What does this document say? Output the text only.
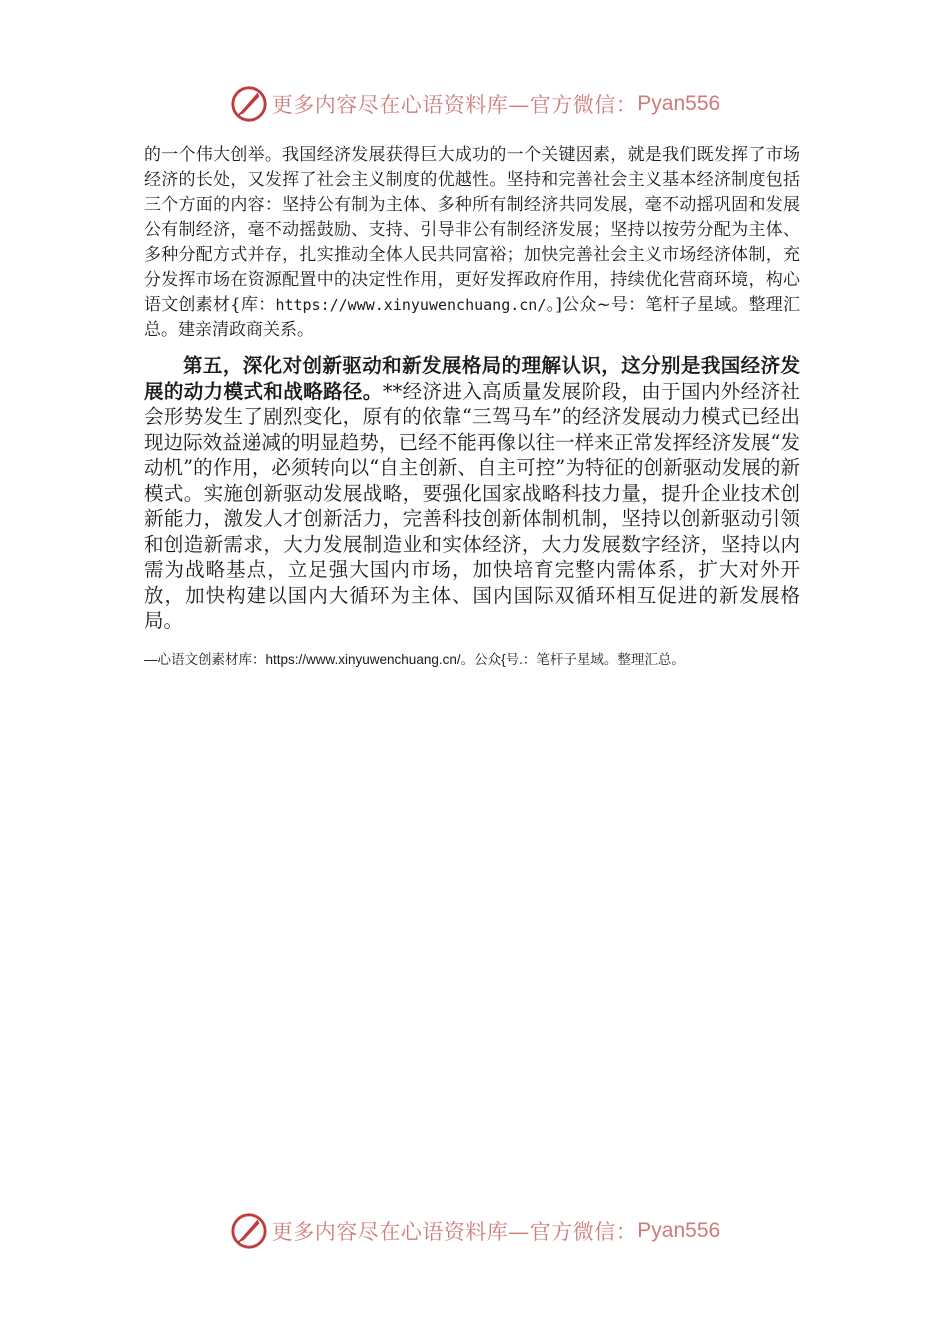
更多内容尽在心语资料库—官方微信： Pyan556

的一个伟大创举。我国经济发展获得巨大成功的一个关键因素，就是我们既发挥了市场经济的长处，又发挥了社会主义制度的优越性。坚持和完善社会主义基本经济制度包括三个方面的内容：坚持公有制为主体、多种所有制经济共同发展，毫不动摇巩固和发展公有制经济，毫不动摇鼓励、支持、引导非公有制经济发展；坚持以按劳分配为主体、多种分配方式并存，扎实推动全体人民共同富裕；加快完善社会主义市场经济体制，充分发挥市场在资源配置中的决定性作用，更好发挥政府作用，持续优化营商环境，构心语文创素材{库：https://www.xinyuwenchuang.cn/。]公众~号：笔杆子星域。整理汇总。建亲清政商关系。

第五，深化对创新驱动和新发展格局的理解认识，这分别是我国经济发展的动力模式和战略路径。**经济进入高质量发展阶段，由于国内外经济社会形势发生了剧烈变化，原有的依靠“三驾马车”的经济发展动力模式已经出现边际效益递减的明显趋势，已经不能再像以往一样来正常发挥经济发展“发动机”的作用，必须转向以“自主创新、自主可控”为特征的创新驱动发展的新模式。实施创新驱动发展战略，要强化国家战略科技力量，提升企业技术创新能力，激发人才创新活力，完善科技创新体制机制，坚持以创新驱动引领和创造新需求，大力发展制造业和实体经济，大力发展数字经济，坚持以内需为战略基点，立足强大国内市场，加快培育完整内需体系，扩大对外开放，加快构建以国内大循环为主体、国内国际双循环相互促进的新发展格局。

—心语文创素材库：https://www.xinyuwenchuang.cn/。公众{号.：笔杆子星域。整理汇总。

更多内容尽在心语资料库—官方微信： Pyan556
